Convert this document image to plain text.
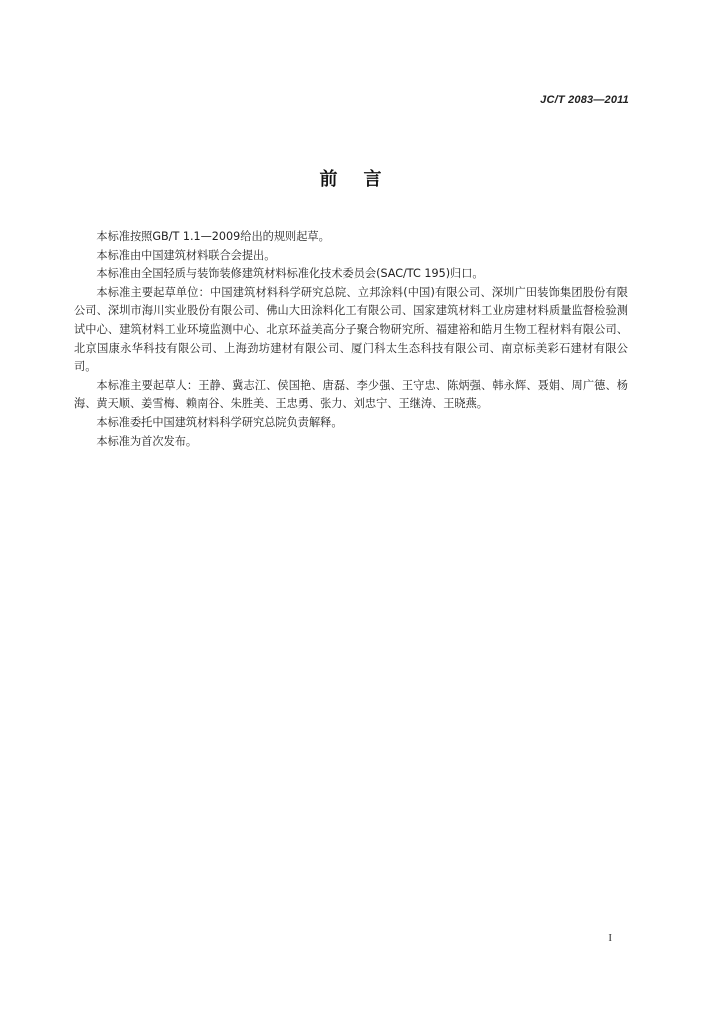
JC/T 2083—2011
前言

本标准按照GB/T 1.1—2009给出的规则起草。

本标准由中国建筑材料联合会提出。

本标准由全国轻质与装饰装修建筑材料标准化技术委员会(SAC/TC 195)归口。

本标准主要起草单位：中国建筑材料科学研究总院、立邦涂料(中国)有限公司、深圳广田装饰集团股份有限公司、深圳市海川实业股份有限公司、佛山大田涂料化工有限公司、国家建筑材料工业房建材料质量监督检验测试中心、建筑材料工业环境监测中心、北京环益美高分子聚合物研究所、福建裕和皓月生物工程材料有限公司、北京国康永华科技有限公司、上海劲坊建材有限公司、厦门科太生态科技有限公司、南京标美彩石建材有限公司。

本标准主要起草人：王静、冀志江、侯国艳、唐磊、李少强、王守忠、陈炳强、韩永辉、聂娟、周广德、杨海、黄天顺、姜雪梅、赖南谷、朱胜美、王忠勇、张力、刘忠宁、王继涛、王晓燕。

本标准委托中国建筑材料科学研究总院负责解释。

本标准为首次发布。

I
